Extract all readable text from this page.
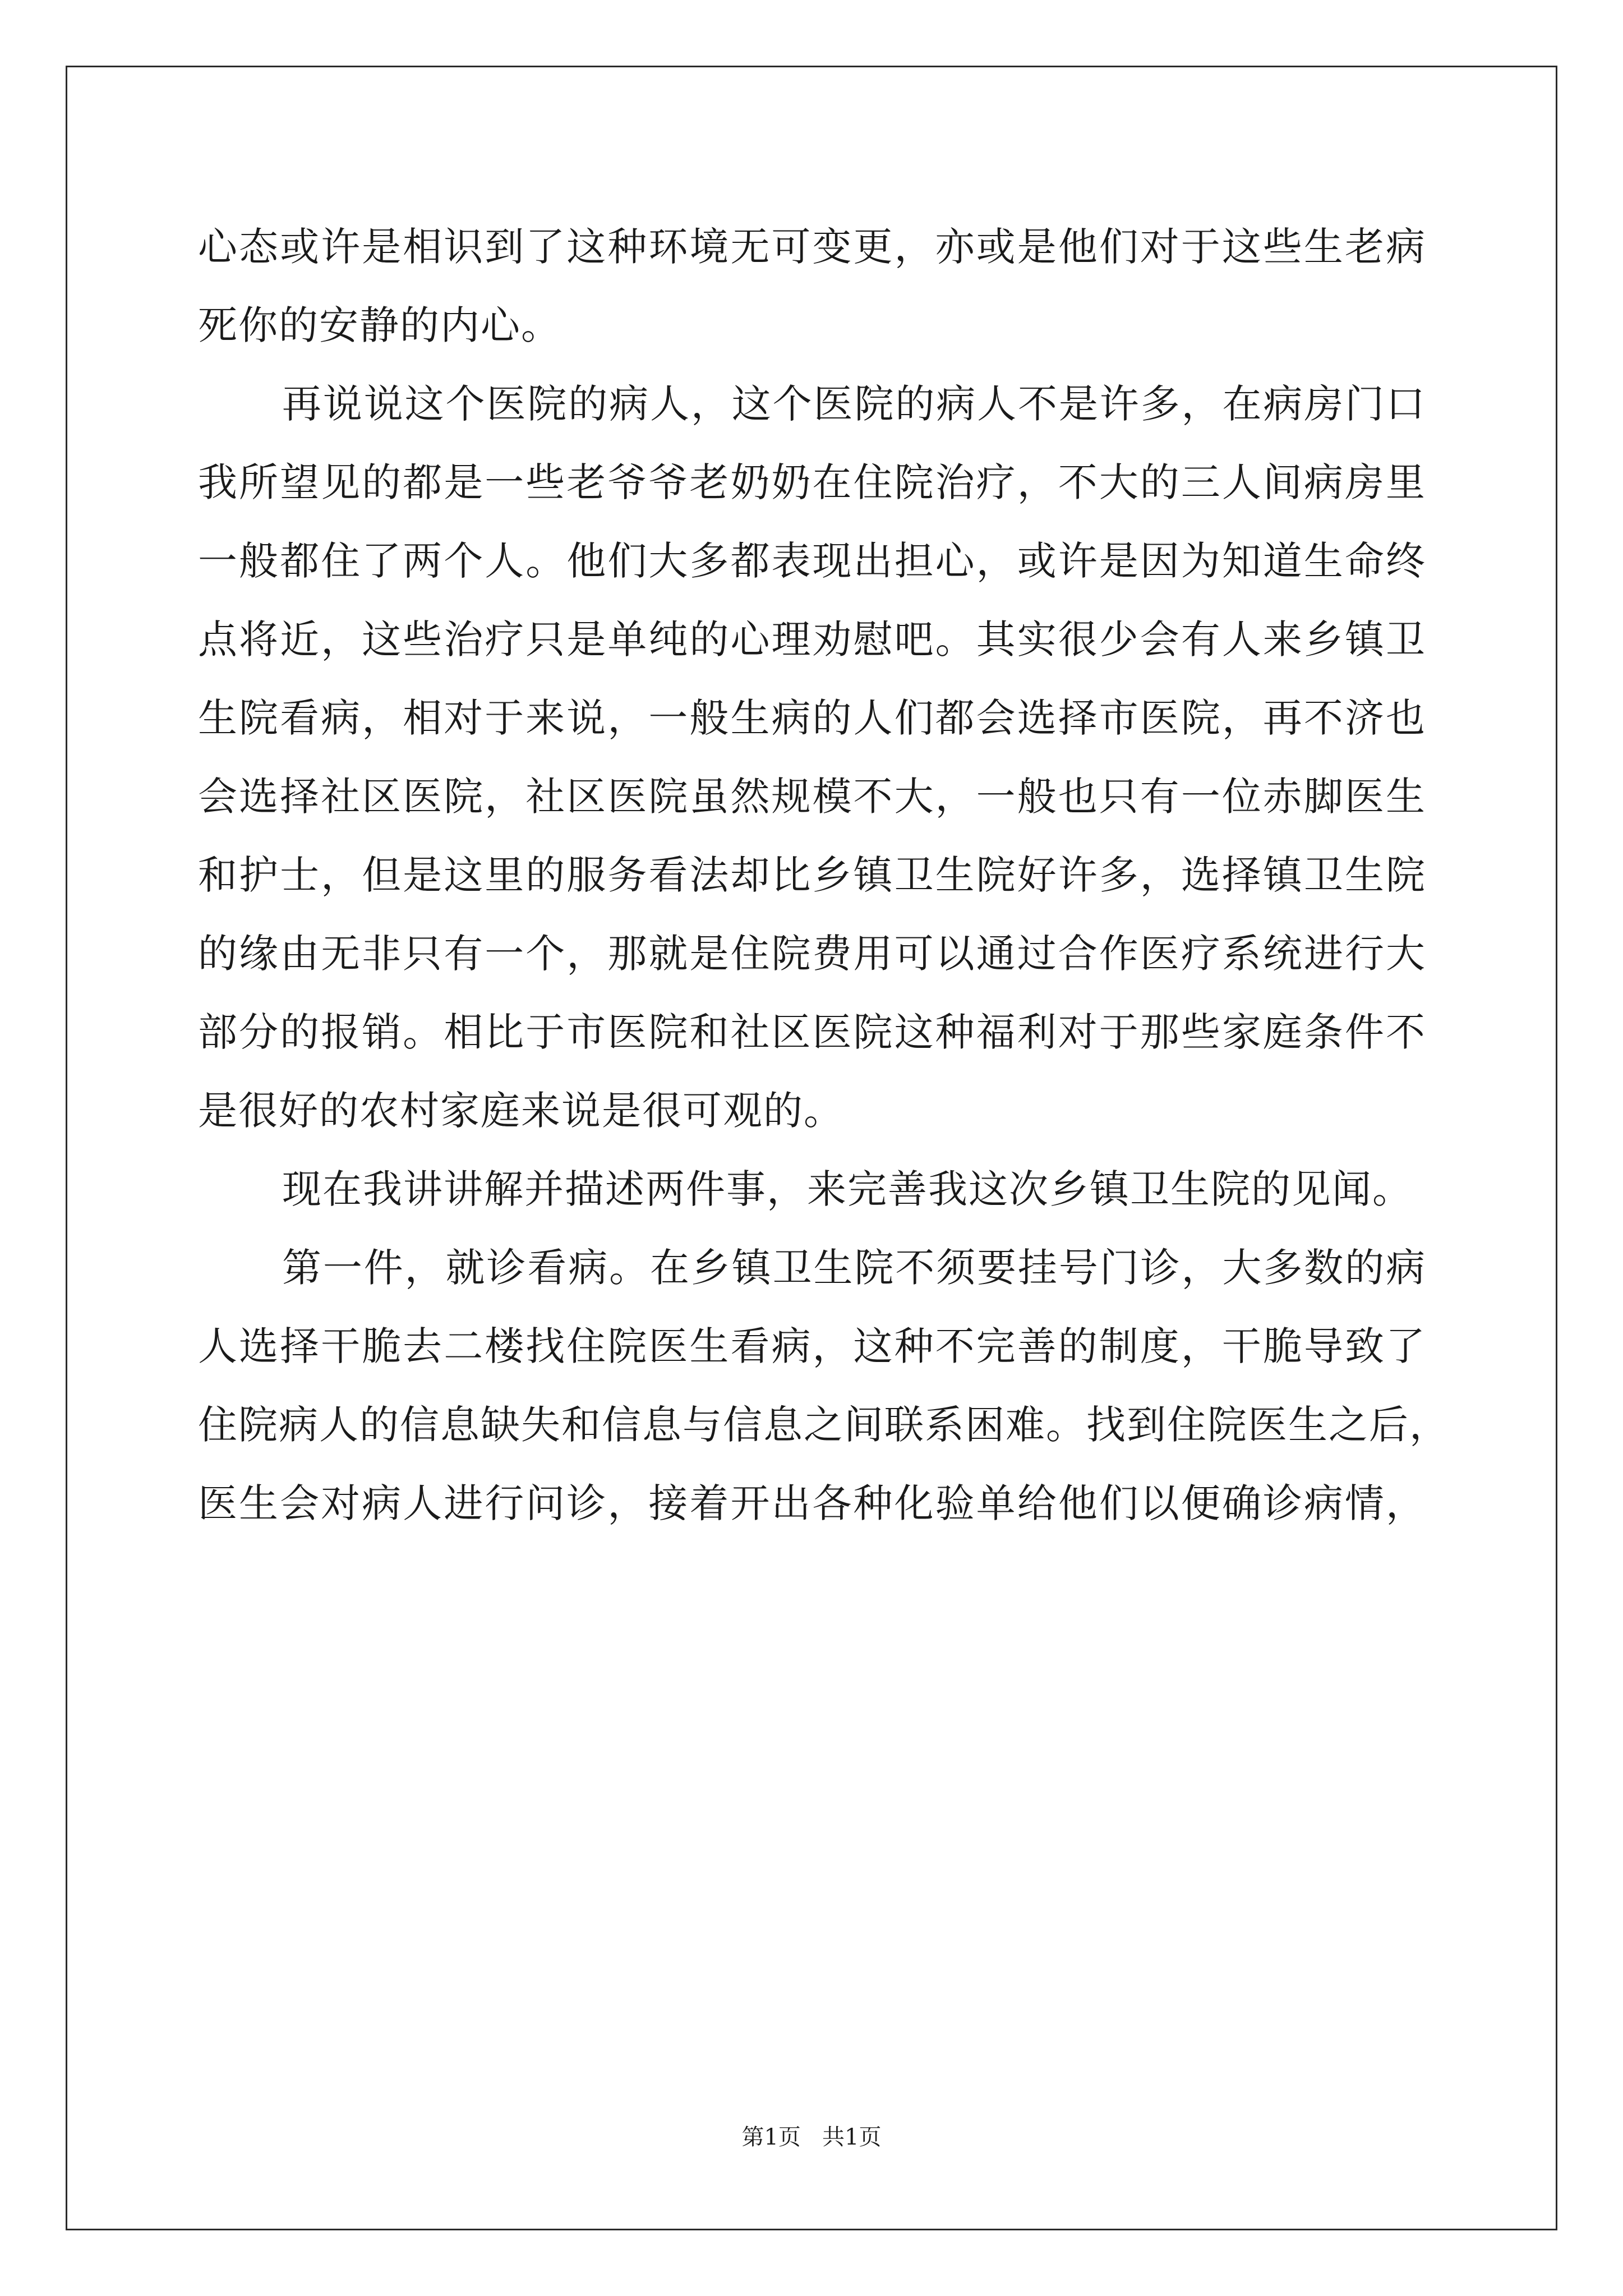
心态或许是相识到了这种环境无可变更，亦或是他们对于这些生老病
死你的安静的内心。
再说说这个医院的病人，这个医院的病人不是许多，在病房门口
我所望见的都是一些老爷爷老奶奶在住院治疗，不大的三人间病房里
一般都住了两个人。他们大多都表现出担心，或许是因为知道生命终
点将近，这些治疗只是单纯的心理劝慰吧。其实很少会有人来乡镇卫
生院看病，相对于来说，一般生病的人们都会选择市医院，再不济也
会选择社区医院，社区医院虽然规模不大，一般也只有一位赤脚医生
和护士，但是这里的服务看法却比乡镇卫生院好许多，选择镇卫生院
的缘由无非只有一个，那就是住院费用可以通过合作医疗系统进行大
部分的报销。相比于市医院和社区医院这种福利对于那些家庭条件不
是很好的农村家庭来说是很可观的。
现在我讲讲解并描述两件事，来完善我这次乡镇卫生院的见闻。
第一件，就诊看病。在乡镇卫生院不须要挂号门诊，大多数的病
人选择干脆去二楼找住院医生看病，这种不完善的制度，干脆导致了
住院病人的信息缺失和信息与信息之间联系困难。找到住院医生之后，
医生会对病人进行问诊，接着开出各种化验单给他们以便确诊病情，
第1页   共1页
